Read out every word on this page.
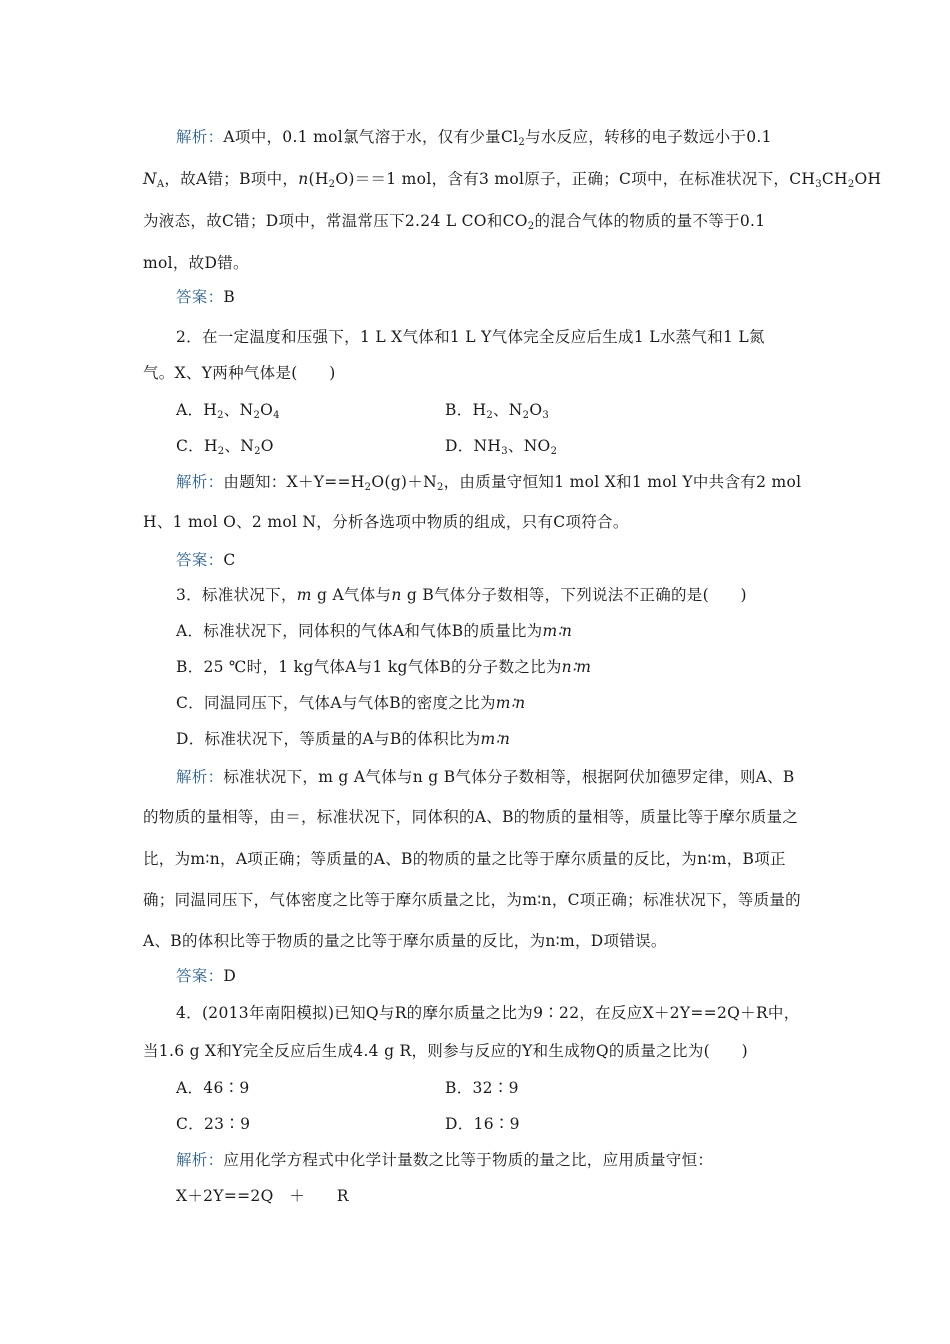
解析：A项中，0.1 mol氯气溶于水，仅有少量$Cl_2$与水反应，转移的电子数远小于0.1
$N_A$，故A错；B项中，$n(H_2O)==1$ mol，含有3 mol原子，正确；C项中，在标准状况下，$CH_3CH_2OH$
为液态，故C错；D项中，常温常压下2.24 L CO和$CO_2$的混合气体的物质的量不等于0.1
mol，故D错。
答案：B
2．在一定温度和压强下，1 L X气体和1 L Y气体完全反应后生成1 L水蒸气和1 L氮
气。X、Y两种气体是(　　)
A．$H_2$、$N_2O_4$	B．$H_2$、$N_2O_3$
C．$H_2$、$N_2O$	D．$NH_3$、$NO_2$
解析：由题知：$X+Y==H_2O(g)+N_2$，由质量守恒知1 mol X和1 mol Y中共含有2 mol
H、1 mol O、2 mol N，分析各选项中物质的组成，只有C项符合。
答案：C
3．标准状况下，m g A气体与n g B气体分子数相等，下列说法不正确的是(　　)
A．标准状况下，同体积的气体A和气体B的质量比为m∶n
B．25 ℃时，1 kg气体A与1 kg气体B的分子数之比为n∶m
C．同温同压下，气体A与气体B的密度之比为m∶n
D．标准状况下，等质量的A与B的体积比为m∶n
解析：标准状况下，m g A气体与n g B气体分子数相等，根据阿伏加德罗定律，则A、B
的物质的量相等，由＝，标准状况下，同体积的A、B的物质的量相等，质量比等于摩尔质量之
比，为m∶n，A项正确；等质量的A、B的物质的量之比等于摩尔质量的反比，为n∶m，B项正
确；同温同压下，气体密度之比等于摩尔质量之比，为m∶n，C项正确；标准状况下，等质量的
A、B的体积比等于物质的量之比等于摩尔质量的反比，为n∶m，D项错误。
答案：D
4．(2013年南阳模拟)已知Q与R的摩尔质量之比为9∶22，在反应X＋2Y==2Q＋R中，
当1.6 g X和Y完全反应后生成4.4 g R，则参与反应的Y和生成物Q的质量之比为(　　)
A．46∶9	B．32∶9
C．23∶9	D．16∶9
解析：应用化学方程式中化学计量数之比等于物质的量之比，应用质量守恒：
X＋2Y==2Q　＋　　R
